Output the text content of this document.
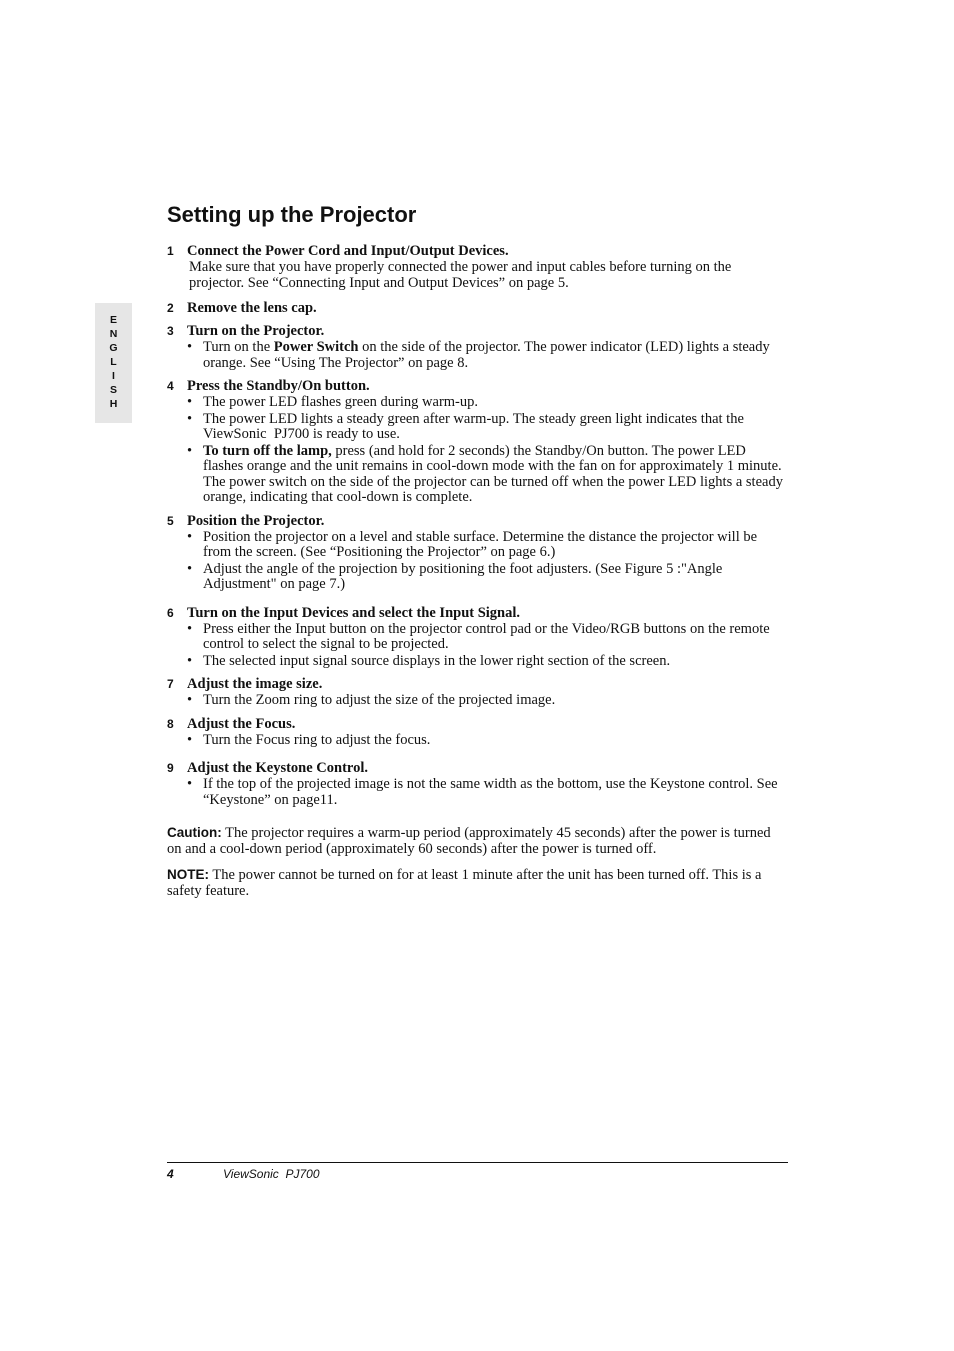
E
N
G
L
I
S
H
Setting up the Projector
1 Connect the Power Cord and Input/Output Devices.

Make sure that you have properly connected the power and input cables before turning on the projector. See “Connecting Input and Output Devices” on page 5.

2 Remove the lens cap.
3 Turn on the Projector.
• Turn on the Power Switch on the side of the projector. The power indicator (LED) lights a steady orange. See “Using The Projector” on page 8.
4 Press the Standby/On button.
• The power LED flashes green during warm-up.
• The power LED lights a steady green after warm-up. The steady green light indicates that the ViewSonic  PJ700 is ready to use.
• To turn off the lamp, press (and hold for 2 seconds) the Standby/On button. The power LED flashes orange and the unit remains in cool-down mode with the fan on for approximately 1 minute. The power switch on the side of the projector can be turned off when the power LED lights a steady orange, indicating that cool-down is complete.
5 Position the Projector.
• Position the projector on a level and stable surface. Determine the distance the projector will be from the screen. (See “Positioning the Projector” on page 6.)
• Adjust the angle of the projection by positioning the foot adjusters. (See Figure 5 :"Angle Adjustment" on page 7.)
6 Turn on the Input Devices and select the Input Signal.
• Press either the Input button on the projector control pad or the Video/RGB buttons on the remote control to select the signal to be projected.
• The selected input signal source displays in the lower right section of the screen.
7 Adjust the image size.
• Turn the Zoom ring to adjust the size of the projected image.
8 Adjust the Focus.
• Turn the Focus ring to adjust the focus.
9 Adjust the Keystone Control.
• If the top of the projected image is not the same width as the bottom, use the Keystone control. See “Keystone” on page11.

Caution: The projector requires a warm-up period (approximately 45 seconds) after the power is turned on and a cool-down period (approximately 60 seconds) after the power is turned off.

NOTE: The power cannot be turned on for at least 1 minute after the unit has been turned off. This is a safety feature.

4	ViewSonic  PJ700
